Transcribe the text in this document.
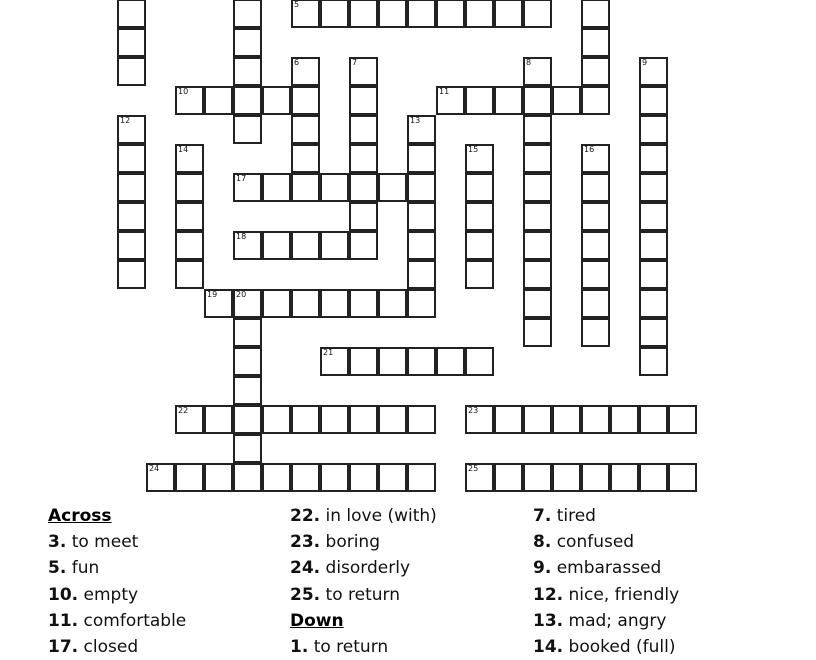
5
6	7	8	9
10	11
12	13
14	15	16
17
18
19 20
21
22	23
24	25
Across
3. to meet
5. fun
10. empty
11. comfortable
17. closed
22. in love (with)
23. boring
24. disorderly
25. to return
Down
1. to return
7. tired
8. confused
9. embarassed
12. nice, friendly
13. mad; angry
14. booked (full)
